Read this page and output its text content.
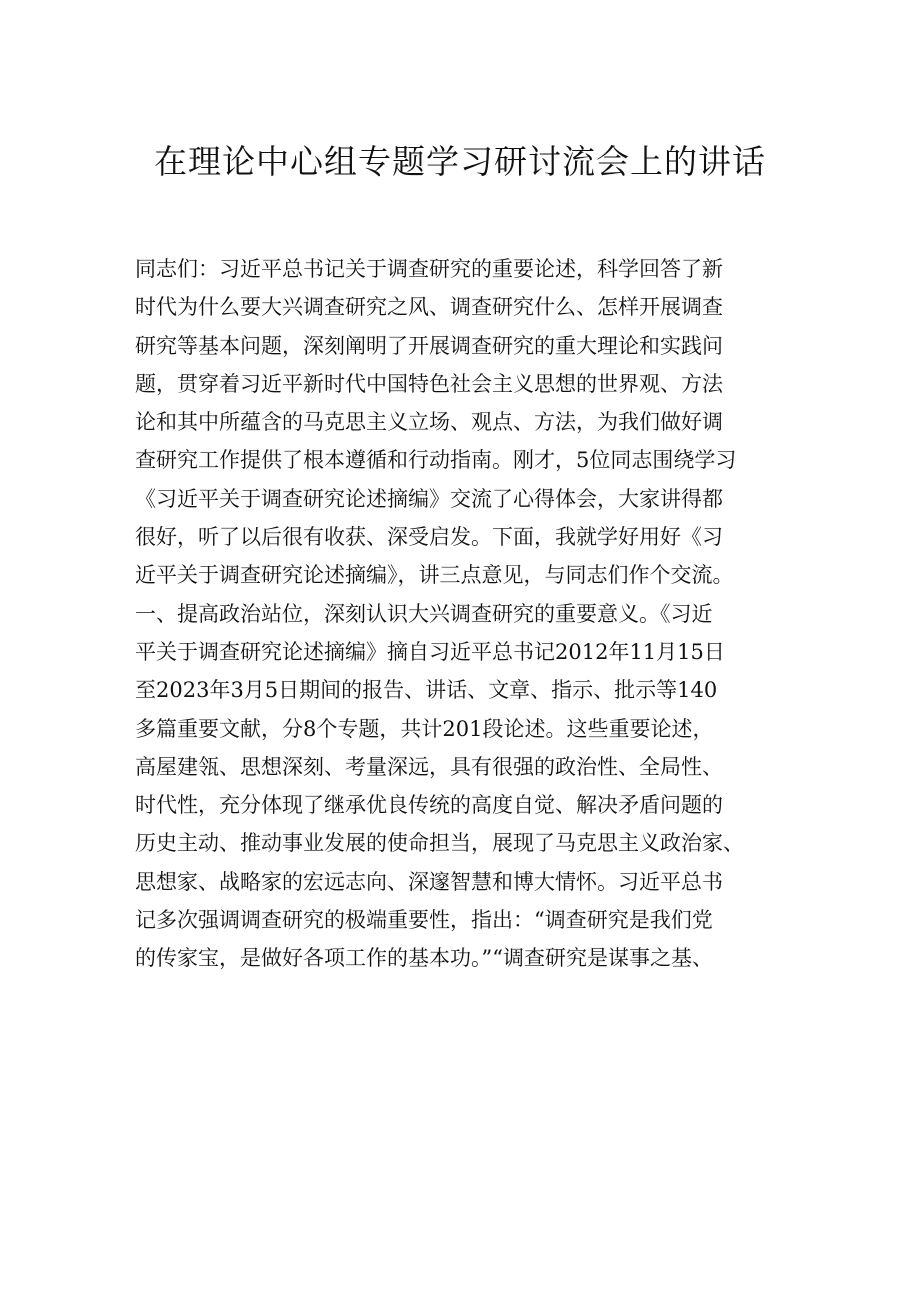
在理论中心组专题学习研讨流会上的讲话
同志们：习近平总书记关于调查研究的重要论述，科学回答了新
时代为什么要大兴调查研究之风、调查研究什么、怎样开展调查
研究等基本问题，深刻阐明了开展调查研究的重大理论和实践问
题，贯穿着习近平新时代中国特色社会主义思想的世界观、方法
论和其中所蕴含的马克思主义立场、观点、方法，为我们做好调
查研究工作提供了根本遵循和行动指南。刚才，5位同志围绕学习
《习近平关于调查研究论述摘编》交流了心得体会，大家讲得都
很好，听了以后很有收获、深受启发。下面，我就学好用好《习
近平关于调查研究论述摘编》，讲三点意见，与同志们作个交流。
一、提高政治站位，深刻认识大兴调查研究的重要意义。《习近
平关于调查研究论述摘编》摘自习近平总书记2012年11月15日
至2023年3月5日期间的报告、讲话、文章、指示、批示等140
多篇重要文献，分8个专题，共计201段论述。这些重要论述，
高屋建瓴、思想深刻、考量深远，具有很强的政治性、全局性、
时代性，充分体现了继承优良传统的高度自觉、解决矛盾问题的
历史主动、推动事业发展的使命担当，展现了马克思主义政治家、
思想家、战略家的宏远志向、深邃智慧和博大情怀。习近平总书
记多次强调调查研究的极端重要性，指出：“调查研究是我们党
的传家宝，是做好各项工作的基本功。”“调查研究是谋事之基、
